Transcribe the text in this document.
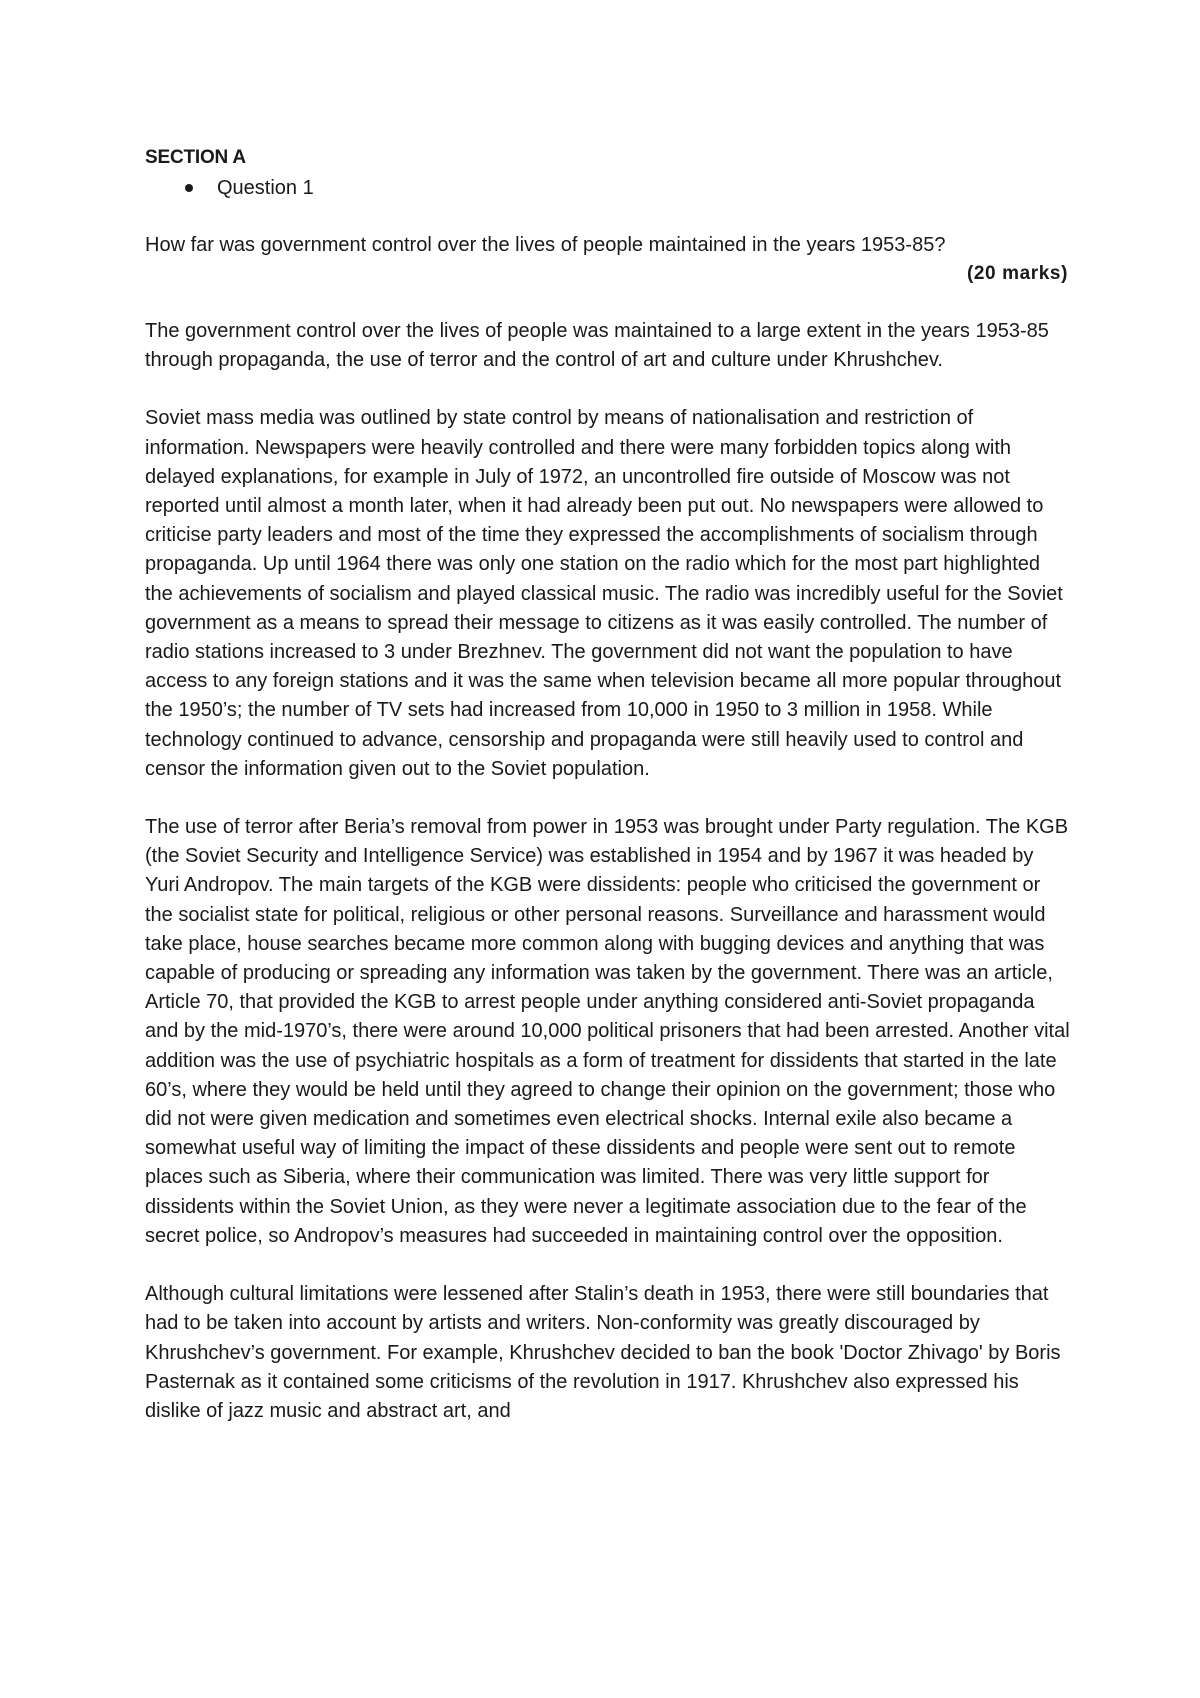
SECTION A
Question 1
How far was government control over the lives of people maintained in the years 1953-85?
(20 marks)

The government control over the lives of people was maintained to a large extent in the years 1953-85 through propaganda, the use of terror and the control of art and culture under Khrushchev.

Soviet mass media was outlined by state control by means of nationalisation and restriction of information. Newspapers were heavily controlled and there were many forbidden topics along with delayed explanations, for example in July of 1972, an uncontrolled fire outside of Moscow was not reported until almost a month later, when it had already been put out. No newspapers were allowed to criticise party leaders and most of the time they expressed the accomplishments of socialism through propaganda. Up until 1964 there was only one station on the radio which for the most part highlighted the achievements of socialism and played classical music. The radio was incredibly useful for the Soviet government as a means to spread their message to citizens as it was easily controlled. The number of radio stations increased to 3 under Brezhnev. The government did not want the population to have access to any foreign stations and it was the same when television became all more popular throughout the 1950’s; the number of TV sets had increased from 10,000 in 1950 to 3 million in 1958. While technology continued to advance, censorship and propaganda were still heavily used to control and censor the information given out to the Soviet population.

The use of terror after Beria’s removal from power in 1953 was brought under Party regulation. The KGB (the Soviet Security and Intelligence Service) was established in 1954 and by 1967 it was headed by Yuri Andropov. The main targets of the KGB were dissidents: people who criticised the government or the socialist state for political, religious or other personal reasons. Surveillance and harassment would take place, house searches became more common along with bugging devices and anything that was capable of producing or spreading any information was taken by the government. There was an article, Article 70, that provided the KGB to arrest people under anything considered anti-Soviet propaganda and by the mid-1970’s, there were around 10,000 political prisoners that had been arrested. Another vital addition was the use of psychiatric hospitals as a form of treatment for dissidents that started in the late 60’s, where they would be held until they agreed to change their opinion on the government; those who did not were given medication and sometimes even electrical shocks. Internal exile also became a somewhat useful way of limiting the impact of these dissidents and people were sent out to remote places such as Siberia, where their communication was limited. There was very little support for dissidents within the Soviet Union, as they were never a legitimate association due to the fear of the secret police, so Andropov’s measures had succeeded in maintaining control over the opposition.

Although cultural limitations were lessened after Stalin’s death in 1953, there were still boundaries that had to be taken into account by artists and writers. Non-conformity was greatly discouraged by Khrushchev’s government. For example, Khrushchev decided to ban the book 'Doctor Zhivago' by Boris Pasternak as it contained some criticisms of the revolution in 1917. Khrushchev also expressed his dislike of jazz music and abstract art, and
